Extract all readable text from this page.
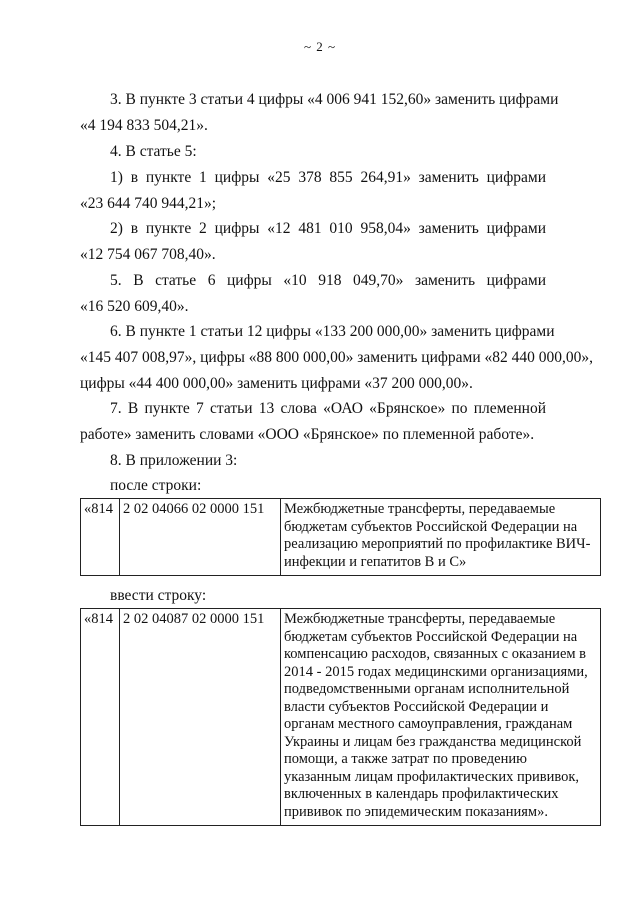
~ 2 ~
3. В пункте 3 статьи 4 цифры «4 006 941 152,60» заменить цифрами
«4 194 833 504,21».
4. В статье 5:
1) в пункте 1 цифры «25 378 855 264,91» заменить цифрами
«23 644 740 944,21»;
2) в пункте 2 цифры «12 481 010 958,04» заменить цифрами
«12 754 067 708,40».
5. В статье 6 цифры «10 918 049,70» заменить цифрами
«16 520 609,40».
6. В пункте 1 статьи 12 цифры «133 200 000,00» заменить цифрами
«145 407 008,97», цифры «88 800 000,00» заменить цифрами «82 440 000,00»,
цифры «44 400 000,00» заменить цифрами «37 200 000,00».
7. В пункте 7 статьи 13 слова «ОАО «Брянское» по племенной
работе» заменить словами «ООО «Брянское» по племенной работе».
8. В приложении 3:
после строки:
«814	2 02 04066 02 0000 151	Межбюджетные трансферты, передаваемые бюджетам субъектов Российской Федерации на реализацию мероприятий по профилактике ВИЧ-инфекции и гепатитов В и С»
ввести строку:
«814	2 02 04087 02 0000 151	Межбюджетные трансферты, передаваемые бюджетам субъектов Российской Федерации на компенсацию расходов, связанных с оказанием в 2014 - 2015 годах медицинскими организациями, подведомственными органам исполнительной власти субъектов Российской Федерации и органам местного самоуправления, гражданам Украины и лицам без гражданства медицинской помощи, а также затрат по проведению указанным лицам профилактических прививок, включенных в календарь профилактических прививок по эпидемическим показаниям».
